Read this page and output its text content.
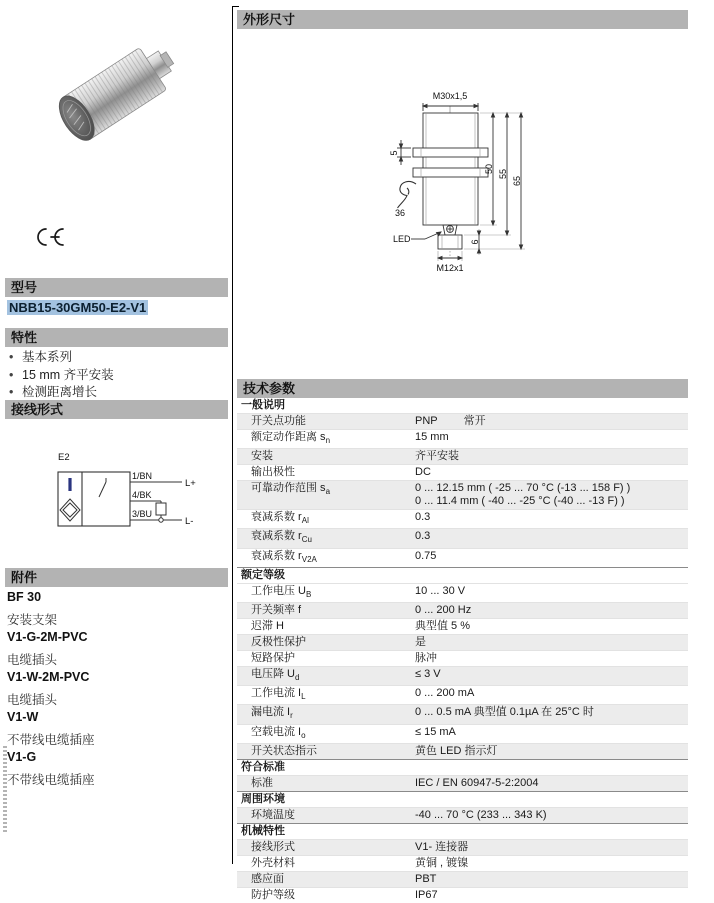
型号
NBB15-30GM50-E2-V1
特性
• 基本系列
• 15 mm 齐平安装
• 检测距离增长
接线形式
E2
1/BN
L+
4/BK
3/BU
L-
附件
BF 30
安装支架
V1-G-2M-PVC
电缆插头
V1-W-2M-PVC
电缆插头
V1-W
不带线电缆插座
V1-G
不带线电缆插座
外形尺寸
M30x1,5
5
50 55
65
36
LED	6
M12x1
技术参数
一般说明
开关点功能	PNP 常开
额定动作距离 $s_n$	15 mm
安装	齐平安装
输出极性	DC
可靠动作范围 $s_a$	0 ... 12.15 mm ( -25 ... 70 °C (-13 ... 158 F) )
0 ... 11.4 mm ( -40 ... -25 °C (-40 ... -13 F) )
衰减系数 $r_{Al}$	0.3
衰减系数 $r_{Cu}$	0.3
衰减系数 $r_{V2A}$	0.75
额定等级
工作电压 $U_B$	10 ... 30 V
开关频率 f	0 ... 200 Hz
迟滞 H	典型值 5 %
反极性保护	是
短路保护	脉冲
电压降 $U_d$	≤ 3 V
工作电流 $I_L$	0 ... 200 mA
漏电流 $I_r$	0 ... 0.5 mA 典型值 0.1µA 在 25°C 时
空载电流 $I_o$	≤ 15 mA
开关状态指示	黄色 LED 指示灯
符合标准
标准	IEC / EN 60947-5-2:2004
周围环境
环境温度	-40 ... 70 °C (233 ... 343 K)
机械特性
接线形式	V1- 连接器
外壳材料	黄铜 , 镀镍
感应面	PBT
防护等级	IP67
